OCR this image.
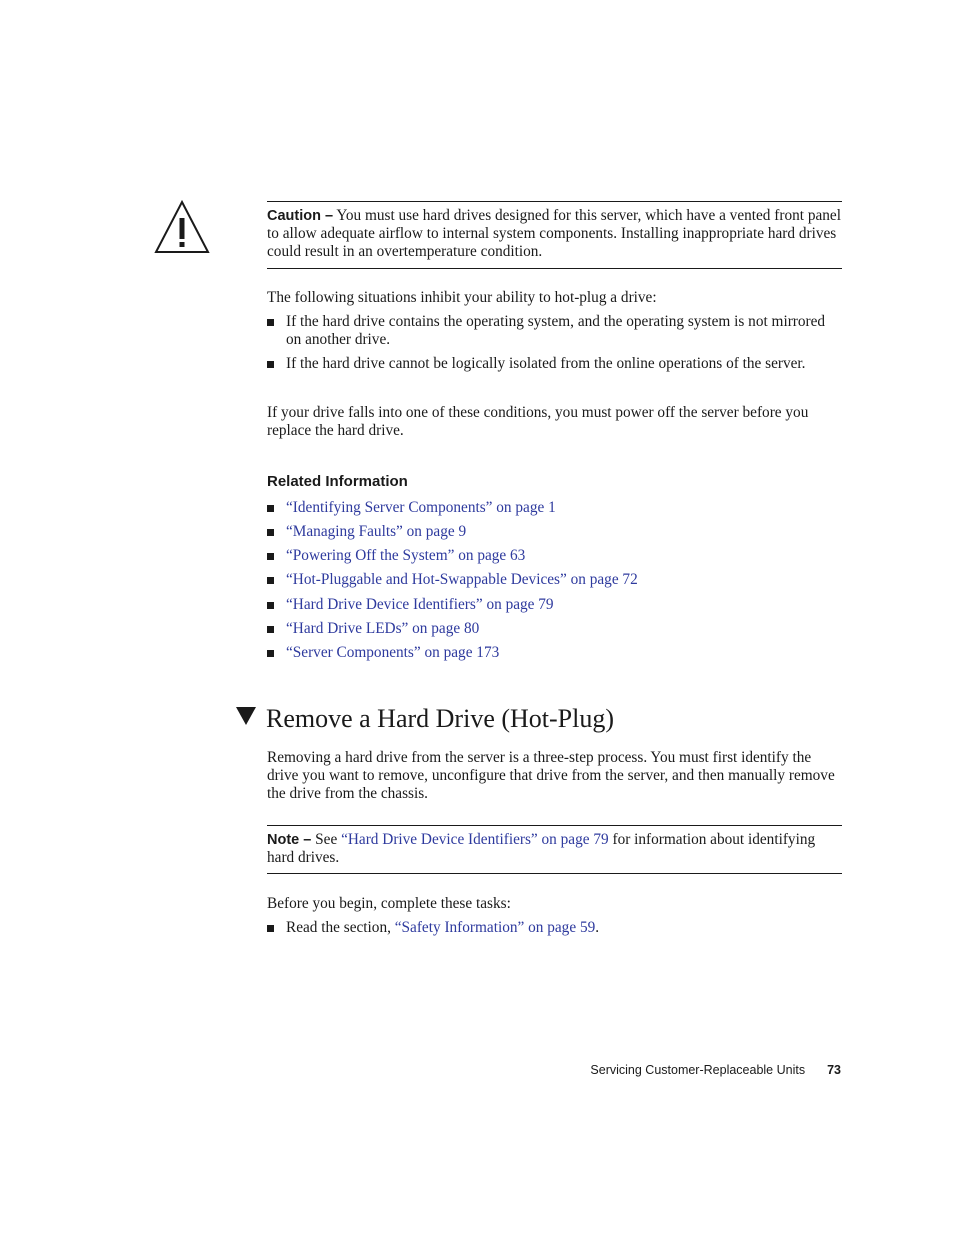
Caution – You must use hard drives designed for this server, which have a vented front panel to allow adequate airflow to internal system components. Installing inappropriate hard drives could result in an overtemperature condition.
The following situations inhibit your ability to hot-plug a drive:
If the hard drive contains the operating system, and the operating system is not mirrored on another drive.
If the hard drive cannot be logically isolated from the online operations of the server.
If your drive falls into one of these conditions, you must power off the server before you replace the hard drive.
Related Information
“Identifying Server Components” on page 1
“Managing Faults” on page 9
“Powering Off the System” on page 63
“Hot-Pluggable and Hot-Swappable Devices” on page 72
“Hard Drive Device Identifiers” on page 79
“Hard Drive LEDs” on page 80
“Server Components” on page 173
Remove a Hard Drive (Hot-Plug)
Removing a hard drive from the server is a three-step process. You must first identify the drive you want to remove, unconfigure that drive from the server, and then manually remove the drive from the chassis.
Note – See “Hard Drive Device Identifiers” on page 79 for information about identifying hard drives.
Before you begin, complete these tasks:
Read the section, “Safety Information” on page 59.
Servicing Customer-Replaceable Units 73
